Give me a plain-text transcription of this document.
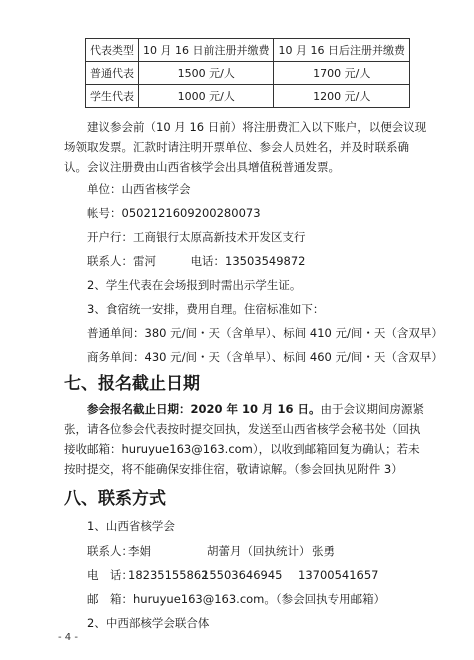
代表类型	10 月 16 日前注册并缴费	10 月 16 日后注册并缴费
普通代表	1500 元/人	1700 元/人
学生代表	1000 元/人	1200 元/人
建议参会前（10 月 16 日前）将注册费汇入以下账户，以便会议现场领取发票。汇款时请注明开票单位、参会人员姓名，并及时联系确认。会议注册费由山西省核学会出具增值税普通发票。
单位：山西省核学会
帐号：0502121609200280073
开户行：工商银行太原高新技术开发区支行
联系人：雷河　　　电话：13503549872
2、学生代表在会场报到时需出示学生证。
3、食宿统一安排，费用自理。住宿标准如下：
普通单间：380 元/间・天（含单早）、标间 410 元/间・天（含双早）
商务单间：430 元/间・天（含单早）、标间 460 元/间・天（含双早）
七、报名截止日期
参会报名截止日期：2020 年 10 月 16 日。由于会议期间房源紧张，请各位参会代表按时提交回执，发送至山西省核学会秘书处（回执接收邮箱：huruyue163@163.com），以收到邮箱回复为确认；若未按时提交，将不能确保安排住宿，敬请谅解。（参会回执见附件 3）
八、联系方式
1、山西省核学会
联系人：
李娟	胡蕾月（回执统计） 张勇
电　话：
18235155862
15503646945 13700541657
邮　箱：huruyue163@163.com。（参会回执专用邮箱）
2、中西部核学会联合体
- 4 -
